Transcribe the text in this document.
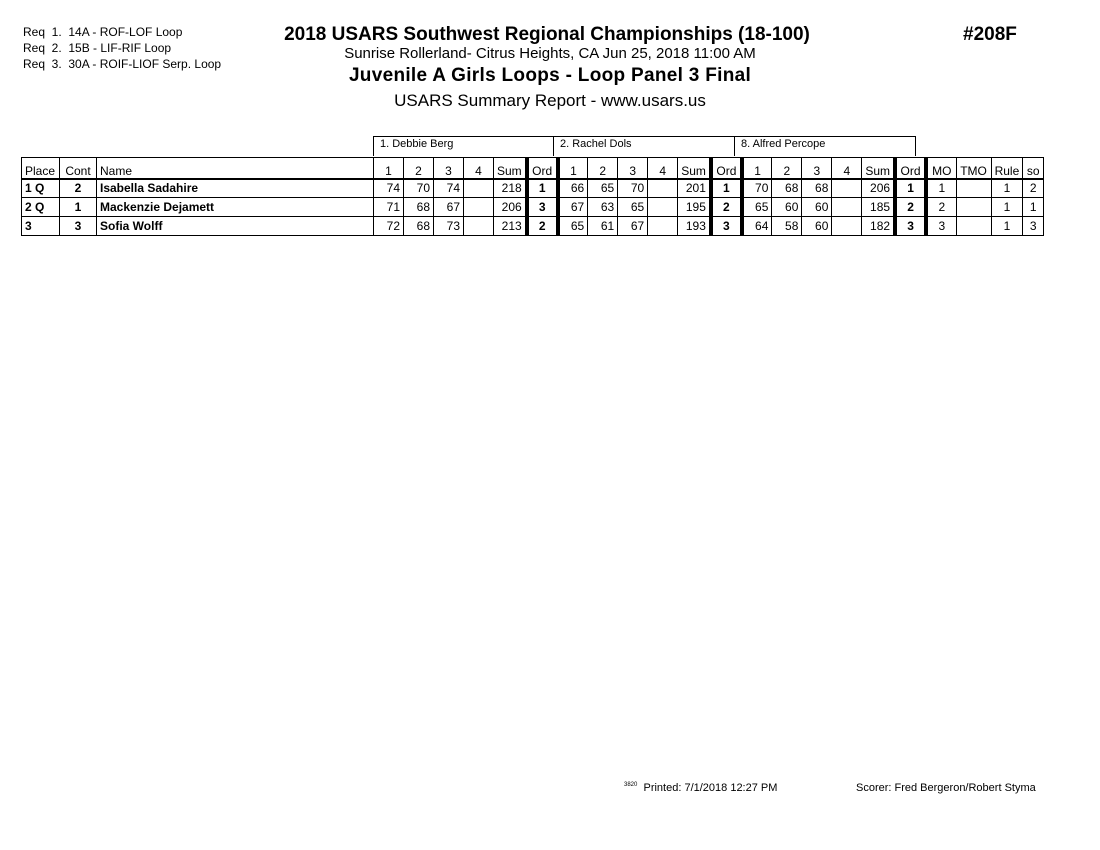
Req  1.  14A - ROF-LOF Loop
Req  2.  15B - LIF-RIF Loop
Req  3.  30A - ROIF-LIOF Serp. Loop
2018 USARS Southwest Regional Championships (18-100)
Sunrise Rollerland- Citrus Heights, CA Jun 25, 2018 11:00 AM
Juvenile A Girls Loops - Loop Panel 3 Final
USARS Summary Report - www.usars.us
#208F
1. Debbie Berg	2. Rachel Dols	8. Alfred Percope
Place	Cont	Name	1	2	3	4	Sum	Ord	1	2	3	4	Sum	Ord	1	2	3	4	Sum	Ord	MO	TMO	Rule	so
1 Q	2	Isabella Sadahire	74	70	74		218	1	66	65	70		201	1	70	68	68		206	1	1		1	2
2 Q	1	Mackenzie Dejamett	71	68	67		206	3	67	63	65		195	2	65	60	60		185	2	2		1	1
3	3	Sofia Wolff	72	68	73		213	2	65	61	67		193	3	64	58	60		182	3	3		1	3
$^{3820}$ Printed: 7/1/2018 12:27 PM	Scorer: Fred Bergeron/Robert Styma
